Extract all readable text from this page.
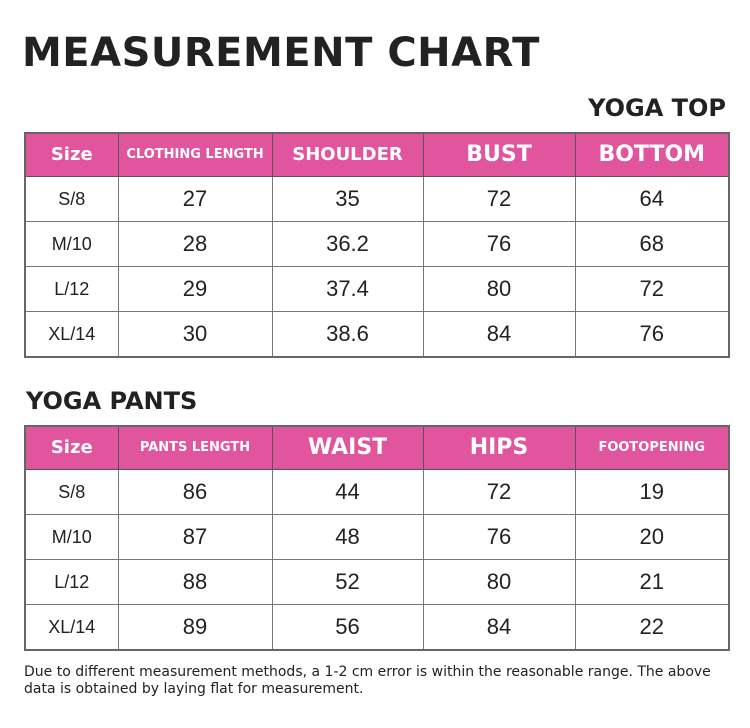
MEASUREMENT CHART
YOGA TOP
Size	CLOTHING LENGTH	SHOULDER	BUST	BOTTOM
S/8	27	35	72	64
M/10	28	36.2	76	68
L/12	29	37.4	80	72
XL/14	30	38.6	84	76
YOGA PANTS
Size	PANTS LENGTH	WAIST	HIPS	FOOTOPENING
S/8	86	44	72	19
M/10	87	48	76	20
L/12	88	52	80	21
XL/14	89	56	84	22

Due to different measurement methods, a 1-2 cm error is within the reasonable range. The above data is obtained by laying flat for measurement.
